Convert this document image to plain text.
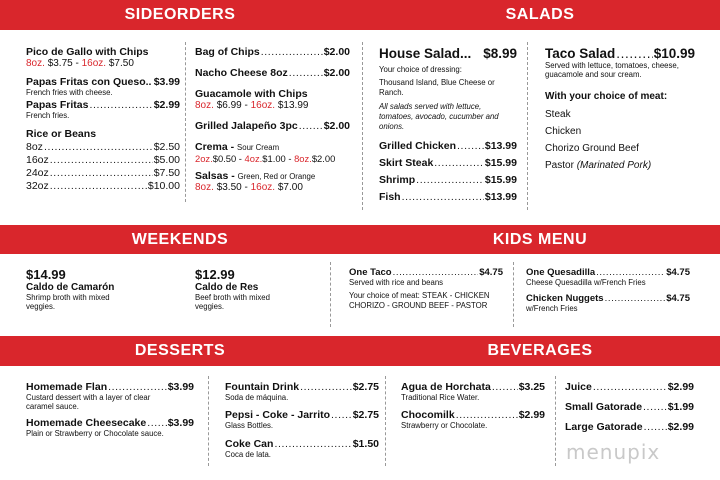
SIDEORDERS	SALADS
Pico de Gallo with Chips
8oz. $3.75 - 16oz. $7.50
Papas Fritas con Queso.. $3.99
French fries with cheese.
Papas Fritas .....	$2.99
French fries.
Rice or Beans
8oz .....	$2.50
16oz .....	$5.00
24oz .....	$7.50
32oz .....	$10.00
Bag of Chips .....	$2.00
Nacho Cheese 8oz .....	$2.00
Guacamole with Chips
8oz. $6.99 - 16oz. $13.99
Grilled Jalapeño 3pc ..... $2.00
Crema - Sour Cream
2oz.$0.50 - 4oz.$1.00 - 8oz.$2.00
Salsas - Green, Red or Orange
8oz. $3.50 - 16oz. $7.00
House Salad... $8.99
Your choice of dressing:
Thousand Island, Blue Cheese or Ranch.
All salads served with lettuce, tomatoes, avocado, cucumber and onions.
Grilled Chicken .....	$13.99
Skirt Steak .....	$15.99
Shrimp .....	$15.99
Fish .....	$13.99
Taco Salad .....	$10.99
Served with lettuce, tomatoes, cheese, guacamole and sour cream.
With your choice of meat:
Steak
Chicken
Chorizo Ground Beef
Pastor (Marinated Pork)
WEEKENDS	KIDS MENU
$14.99
Caldo de Camarón
Shrimp broth with mixed veggies.
$12.99
Caldo de Res
Beef broth with mixed veggies.
One Taco .....	$4.75
Served with rice and beans
Your choice of meat: STEAK - CHICKEN CHORIZO - GROUND BEEF - PASTOR
One Quesadilla .....	$4.75
Cheese Quesadilla w/French Fries
Chicken Nuggets .....	$4.75
w/French Fries
DESSERTS	BEVERAGES
Homemade Flan .....	$3.99
Custard dessert with a layer of clear caramel sauce.
Homemade Cheesecake ..... $3.99
Plain or Strawberry or Chocolate sauce.
Fountain Drink .....	$2.75
Soda de máquina.
Pepsi - Coke - Jarrito ..... $2.75
Glass Bottles.
Coke Can .....	$1.50
Coca de lata.
Agua de Horchata .....	$3.25
Traditional Rice Water.
Chocomilk .....	$2.99
Strawberry or Chocolate.
Juice .....	$2.99
Small Gatorade ..... $1.99
Large Gatorade ..... $2.99
menupix
